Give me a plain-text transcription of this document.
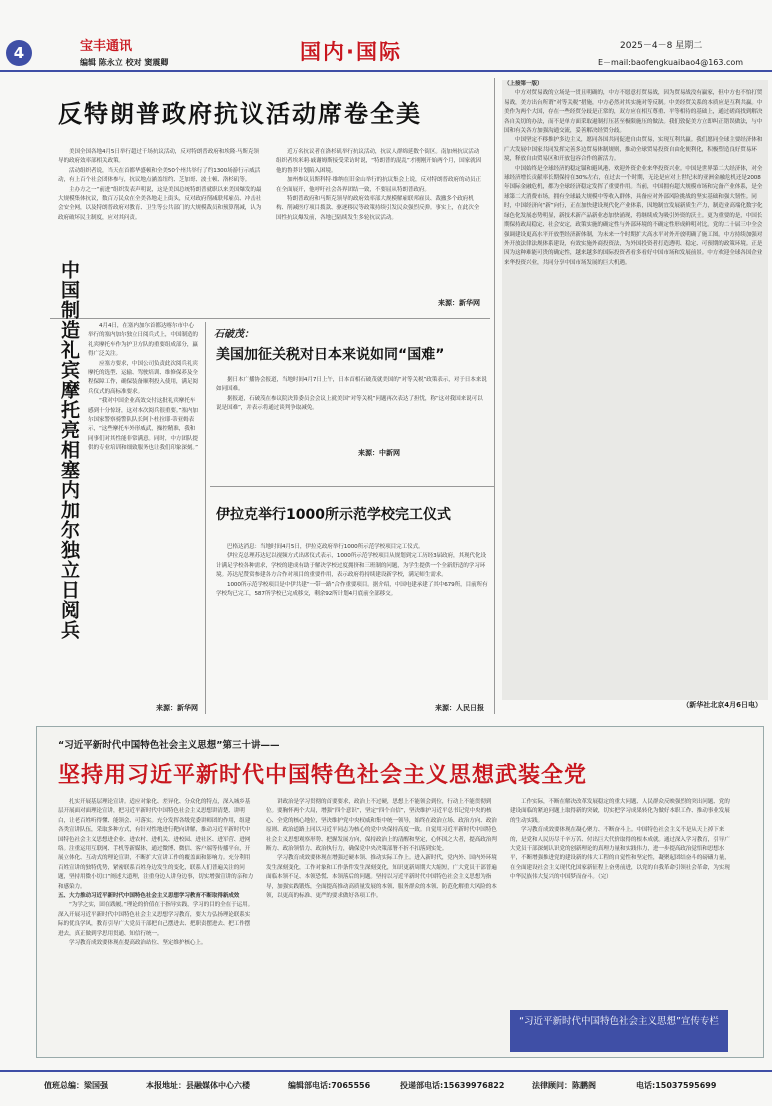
4	宝丰通讯
编辑 陈永立 校对 窦震卿	国内·国际	2025－4－8 星期二
E－mail:baofengkuaibao4@163.com
反特朗普政府抗议活动席卷全美

美国全国各地4月5日举行超过千场抗议活动，反对特朗普政府和埃隆·马斯克领导的政府效率部相关政策。

活动组织者说，当天在首都华盛顿和全美50个州共举行了约1300场游行示威活动，有上百个社会团体参与，抗议地点涵盖纽约、芝加哥、波士顿、洛杉矶等。

主办方之一“前进”组织发表声明说，这是美国总统特朗普就职以来美国爆发的最大规模集体抗议，数百万民众在全美各地走上街头，反对政府削减联邦雇员、冲击社会安全网，以及特朗普政府对教育、卫生等公共部门的大规模裁员和预算削减，认为政府破坏民主制度，应对其问责。

近万名抗议者在洛杉矶举行抗议活动，抗议人群绵延数个街区。南加州抗议活动组织者埃米莉·戚谢姆斯接受采访时说，“特朗普的混乱”才刚刚开始两个月，国家就因他的鲁莽计划陷入困境。

加州参议员斯科特·维纳在旧金山举行的抗议集会上说，反对特朗普政府的动员正在全面展开，他呼吁社会各界团结一致，不要屈从特朗普政府。

特朗普政府和马斯克领导的政府效率部大规模解雇联邦雇员、裁撤多个政府机构、削减医疗项目拨款、驱逐移民等政策持续引发民众强烈反弹。事实上，在此次全国性抗议爆发前，各地已陆续发生多轮抗议活动。

来源：新华网
中国制造礼宾摩托亮相塞内加尔独立日阅兵	4月4日，在塞内加尔首都达喀尔市中心举行的塞内加尔独立日阅兵式上，中国制造的礼宾摩托车作为护卫方队的重要组成部分，赢得广泛关注。

应塞方要求，中国公司负责此次阅兵礼宾摩托的选型、运输、驾驶培训、维修保养及全程保障工作，确保装备顺利投入使用，满足阅兵仪式的高标准要求。

“我对中国企业高效交付这批礼宾摩托车感到十分惊讶，这对本次阅兵很重要。”塞内加尔国家警察骑警队队长阿卜杜拉耶·蒂亚姆表示，“这些摩托车外形威武，操控精准，我和同事们对其性能非常满意。同时，中方团队提供的专业培训和细致服务也让我们印象深刻。”

来源：新华网
石破茂：
美国加征关税对日本来说如同“国难”

据日本广播协会报道，当地时间4月7日上午，日本首相石破茂就美国的“对等关税”政策表示，对于日本来说如同国难。

据报道，石破茂在参议院决算委员会会议上就美国“对等关税”问题再次表达了担忧，称“这对我国来说可以说是国难”，并表示将通过谈判争取减免。

来源：中新网
伊拉克举行1000所示范学校完工仪式

巴格达消息：当地时间4月5日，伊拉克政府举行1000所示范学校项目完工仪式。

伊拉克总理苏达尼以视频方式出席仪式表示，1000所示范学校项目从规划到完工历经3届政府，其现代化设计满足学校各种需求，学校的建成有助于解决学校过度拥挤和三班制的问题，为学生提供一个全新舒适的学习环境。苏达尼赞赏参建各方合作对项目的重要作用，表示政府将持续建设新学校，满足师生需求。

1000所示范学校项目是中伊共建“一带一路”合作重要项目。据介绍，中国电建承建了其中679所，目前所有学校均已完工，587所学校已完成移交，剩余92所计划4月底前全部移交。

来源：人民日报
（上接第一版）

中方对贸易战的立场是一贯且明确的，中方不愿意打贸易战，因为贸易战没有赢家，但中方也不怕打贸易战，美方出台所谓“对等关税”措施，中方必然对其实施对等反制。中美经贸关系的本质应是互利共赢。中美作为两个大国，存在一些经贸分歧是正常的，双方应在相互尊重、平等相待的基础上，通过磋商找到解决各自关切的办法，而不是单方面采取遏制打压甚至极限施压的做法。我们敦促美方立即纠正错误做法，与中国和有关各方加强沟通交流，妥善解决经贸分歧。

中国坚定不移推护多边主义，愿同各国共同促进自由贸易，实现互利共赢。我们愿同全球主要经济体和广大发展中国家共同发挥完善多边贸易体制规则，推动全球贸易投资自由化便利化，积极塑造良好贸易环境，释放自由贸易区和开放包容合作的新活力。

中国始终是全球经济的稳定锚和避风港，欢迎外资企业来华投资兴业。中国是世界第二大经济体，对全球经济增长贡献率长期保持在30%左右，在过去一个时期，无论是应对上世纪末的亚洲金融危机还是2008年国际金融危机，都为全球经济稳定发挥了重要作用。当前，中国拥有超大规模市场和完备产业体系，是全球第二大消费市场，拥有全球最大规模中等收入群体，具备应对外部风险挑战的坚实基础和强大韧性。同时，中国经济向“新”向行，正在加快建设现代化产业体系，因地制宜发展新质生产力，制造业高端化数字化绿色化发展态势明显，新技术新产品新业态加快涌现，将继续成为吸引外资的沃土。更为重要的是，中国长期保持政局稳定、社会安定，政策实施的确定性与外部环境的不确定性形成鲜明对比。党的二十届三中全会强调建设更高水平开放型经济新体制，为未来一个时期扩大高水平对外开放明确了施工图。中方持续加强对外开放法律法规体系建设，有效实施外商投资法，为外国投资者打造透明、稳定、可预期的政策环境。正是因为这种难能可贵的确定性，越来越多的国际投资者看多看好中国市场和发展前景。中方欢迎全球各国企业来华投资兴业，共同分享中国市场发展的巨大机遇。

（新华社北京4月6日电）
“习近平新时代中国特色社会主义思想”第三十讲——
坚持用习近平新时代中国特色社会主义思想武装全党

扎实开展基层理论宣讲。适应对象化、差异化、分众化的特点，深入城乡基层开展面对面理论宣讲，把习近平新时代中国特色社会主义思想讲清楚、讲明白，让老百姓听得懂、能领会、可落实。充分发挥各级党委讲师团的作用，组建各类宣讲队伍，采取多种方式，有针对性地进行靶向讲解，推动习近平新时代中国特色社会主义思想进企业、进农村、进机关、进校园、进社区、进军营、进网络。注重运用互联网、手机等新媒体，通过微博、微信、客户端等传播平台，开展立体化、互动式的理论宣讲，不断扩大宣讲工作的覆盖面和影响力。充分利用百姓宣讲的独特优势，紧密联系百姓身边发生的变化，联系人们普遍关注的问题，坚持用微小切口“阐述大道理，注重身边人讲身边事，切实增强宣讲的亲和力和感染力。

五、大力推动习近平新时代中国特色社会主义思想学习教育不断取得新成效

“为学之实，固在践履。”理论的价值在于指导实践，学习的目的全在于运用。深入开展习近平新时代中国特色社会主义思想学习教育，要大力弘扬理论联系实际的优良学风，教育引导广大党员干部把自己摆进去、把职责摆进去、把工作摆进去，真正做到学思用贯通、知信行统一。

学习教育成效要体现在提高政治站位、坚定维护核心上。

讲政治是学习贯彻的首要要求，政治上不过硬，思想上不能领会到位，行动上不能贯彻到位。要胸怀两个大局，增强“四个意识”，坚定“四个自信”，坚决维护习近平总书记党中央的核心、全党的核心地位，坚决维护党中央权威和集中统一领导，始终在政治立场、政治方向、政治原则、政治道路上同以习近平同志为核心的党中央保持高度一致。自觉用习近平新时代中国特色社会主义思想观察形势、把握发展方向，保持政治上的清醒和坚定，心怀国之大者，提高政治判断力、政治领悟力、政治执行力，确保党中央决策部署不折不扣落到实处。

学习教育成效要体现在增强过硬本领、推动实际工作上。进入新时代，党内外、国内外环境发生深刻变化，工作对象和工作条件发生深刻变化，知识更新周期大大缩短，广大党员干部普遍面临本领不足、本领恐慌、本领落后的问题。坚持以习近平新时代中国特色社会主义思想为指导，加强实践锻炼，全面提高推动高质量发展的本领、服务群众的本领、防范化解重大风险的本领，以更高的标准、更严的要求做好各项工作。

工作实际，不断在解决改革发展稳定的重大问题、人民群众反映强烈的突出问题、党的建设面临的紧迫问题上取得新的突破，切实把学习成果转化为做好本职工作、推动事业发展的生动实践。

学习教育成效要体现在凝心聚力、不断奋斗上。中国特色社会主义不是从天上掉下来的，是党和人民历尽千辛万苦、付出巨大代价取得的根本成就。通过深入学习教育，引导广大党员干部深刻认识党的创新理论的真理力量和实践伟力，进一步提高政治觉悟和思想水平，不断增强推进党的建设新的伟大工程的自觉性和坚定性，凝聚起团结奋斗的磅礴力量，在全面建设社会主义现代化国家新征程上奋勇前进，以党的自我革命引领社会革命，为实现中华民族伟大复兴的中国梦而奋斗。（完）

“习近平新时代中国特色社会主义思想”宣传专栏
值班总编：梁国强	本报地址：县融媒体中心六楼	编辑部电话:7065556	投递部电话:15639976822	法律顾问：陈鹏阁	电话:15037595699
